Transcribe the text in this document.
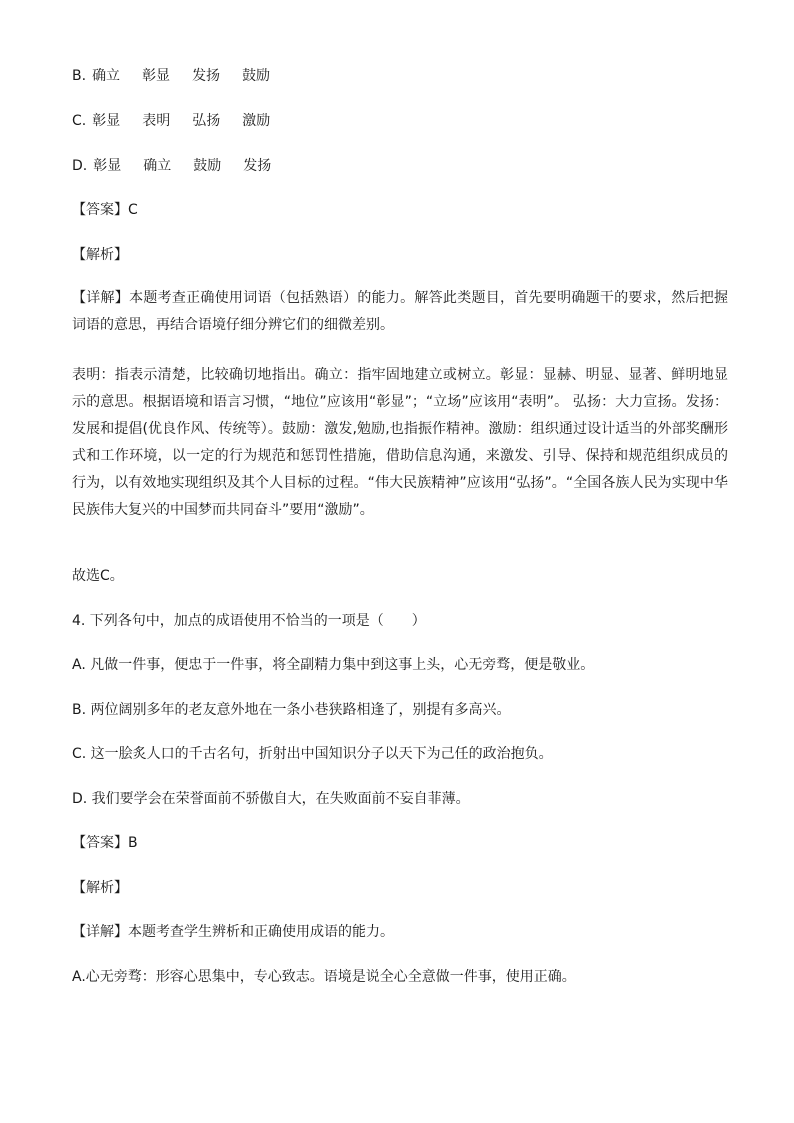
B. 确立 彰显 发扬 鼓励
C. 彰显 表明 弘扬 激励
D. 彰显 确立 鼓励 发扬
【答案】C
【解析】
【详解】本题考查正确使用词语（包括熟语）的能力。解答此类题目，首先要明确题干的要求，然后把握词语的意思，再结合语境仔细分辨它们的细微差别。
表明：指表示清楚，比较确切地指出。确立：指牢固地建立或树立。彰显：显赫、明显、显著、鲜明地显示的意思。根据语境和语言习惯，“地位”应该用“彰显”；“立场”应该用“表明”。 弘扬：大力宣扬。发扬：发展和提倡(优良作风、传统等）。鼓励：激发,勉励,也指振作精神。激励：组织通过设计适当的外部奖酬形式和工作环境，以一定的行为规范和惩罚性措施，借助信息沟通，来激发、引导、保持和规范组织成员的行为，以有效地实现组织及其个人目标的过程。“伟大民族精神”应该用“弘扬”。“全国各族人民为实现中华民族伟大复兴的中国梦而共同奋斗”要用“激励”。
故选C。
4. 下列各句中，加点的成语使用不恰当的一项是（　　）
A. 凡做一件事，便忠于一件事，将全副精力集中到这事上头，心无旁骛，便是敬业。
B. 两位阔别多年的老友意外地在一条小巷狭路相逢了，别提有多高兴。
C. 这一脍炙人口的千古名句，折射出中国知识分子以天下为己任的政治抱负。
D. 我们要学会在荣誉面前不骄傲自大，在失败面前不妄自菲薄。
【答案】B
【解析】
【详解】本题考查学生辨析和正确使用成语的能力。
A.心无旁骛：形容心思集中，专心致志。语境是说全心全意做一件事，使用正确。
